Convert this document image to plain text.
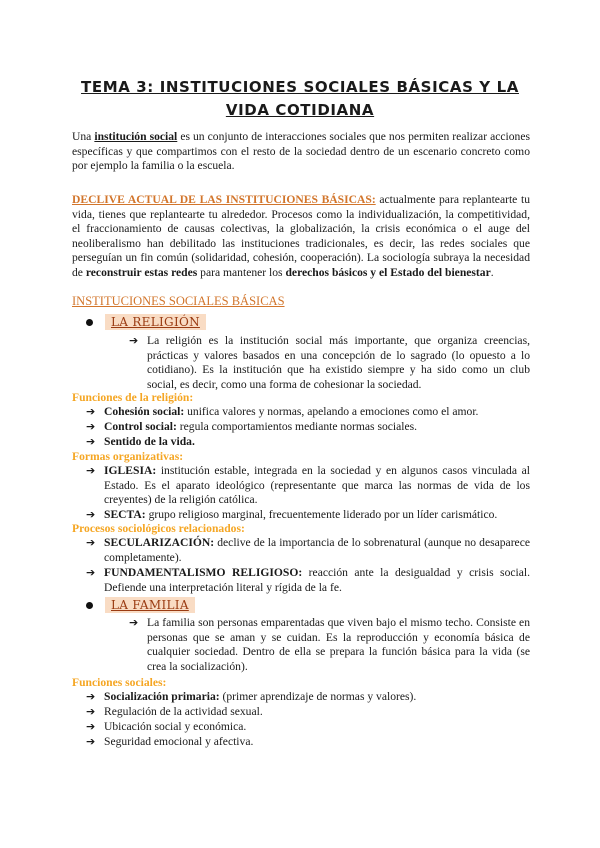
TEMA 3: INSTITUCIONES SOCIALES BÁSICAS Y LA
VIDA COTIDIANA

Una institución social es un conjunto de interacciones sociales que nos permiten realizar acciones específicas y que compartimos con el resto de la sociedad dentro de un escenario concreto como por ejemplo la familia o la escuela.

DECLIVE ACTUAL DE LAS INSTITUCIONES BÁSICAS: actualmente para replantearte tu vida, tienes que replantearte tu alrededor. Procesos como la individualización, la competitividad, el fraccionamiento de causas colectivas, la globalización, la crisis económica o el auge del neoliberalismo han debilitado las instituciones tradicionales, es decir, las redes sociales que perseguían un fin común (solidaridad, cohesión, cooperación). La sociología subraya la necesidad de reconstruir estas redes para mantener los derechos básicos y el Estado del bienestar.

INSTITUCIONES SOCIALES BÁSICAS
LA RELIGIÓN
➔ La religión es la institución social más importante, que organiza creencias, prácticas y valores basados en una concepción de lo sagrado (lo opuesto a lo cotidiano). Es la institución que ha existido siempre y ha sido como un club social, es decir, como una forma de cohesionar la sociedad.
Funciones de la religión:
➔ Cohesión social: unifica valores y normas, apelando a emociones como el amor.
➔ Control social: regula comportamientos mediante normas sociales.
➔ Sentido de la vida.
Formas organizativas:
➔ IGLESIA: institución estable, integrada en la sociedad y en algunos casos vinculada al Estado. Es el aparato ideológico (representante que marca las normas de vida de los creyentes) de la religión católica.
➔ SECTA: grupo religioso marginal, frecuentemente liderado por un líder carismático.
Procesos sociológicos relacionados:
➔ SECULARIZACIÓN: declive de la importancia de lo sobrenatural (aunque no desaparece completamente).
➔ FUNDAMENTALISMO RELIGIOSO: reacción ante la desigualdad y crisis social. Defiende una interpretación literal y rígida de la fe.
LA FAMILIA
➔ La familia son personas emparentadas que viven bajo el mismo techo. Consiste en personas que se aman y se cuidan. Es la reproducción y economía básica de cualquier sociedad. Dentro de ella se prepara la función básica para la vida (se crea la socialización).
Funciones sociales:
➔ Socialización primaria: (primer aprendizaje de normas y valores).
➔ Regulación de la actividad sexual.
➔ Ubicación social y económica.
➔ Seguridad emocional y afectiva.
